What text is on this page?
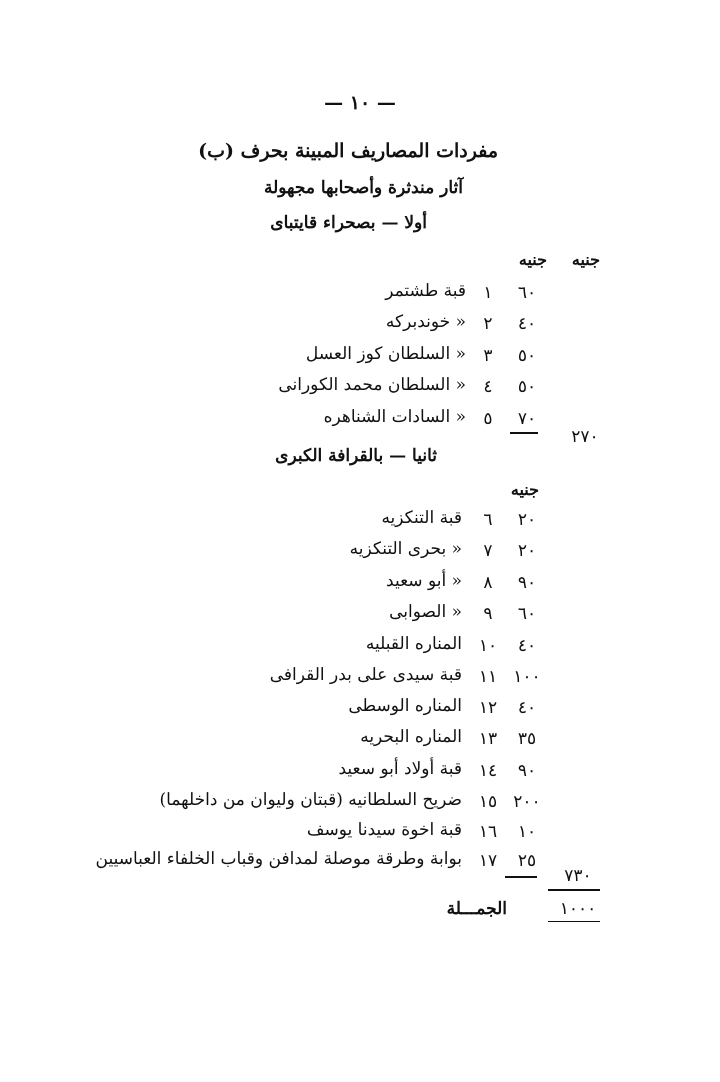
— ١٠ —
مفردات المصاريف المبينة بحرف (ب)
آثار مندثرة وأصحابها مجهولة
أولا — بصحراء قايتباى
جنيه
جنيه
٦٠
١
قبة طشتمر
٤٠
٢
« خوندبركه
٥٠
٣
« السلطان كوز العسل
٥٠
٤
« السلطان محمد الكورانى
٧٠
٥
« السادات الشناهره
٢٧٠
ثانيا — بالقرافة الكبرى
جنيه
٢٠
٦
قبة التنكزيه
٢٠
٧
« بحرى التنكزيه
٩٠
٨
« أبو سعيد
٦٠
٩
« الصوابى
٤٠
١٠
المناره القبليه
١٠٠
١١
قبة سيدى على بدر القرافى
٤٠
١٢
المناره الوسطى
٣٥
١٣
المناره البحريه
٩٠
١٤
قبة أولاد أبو سعيد
٢٠٠
١٥
ضريح السلطانيه (قبتان وليوان من داخلهما)
١٠
١٦
قبة اخوة سيدنا يوسف
٢٥
١٧
بوابة وطرقة موصلة لمدافن وقباب الخلفاء العباسيين
٧٣٠
الجمـــلة	١٠٠٠
